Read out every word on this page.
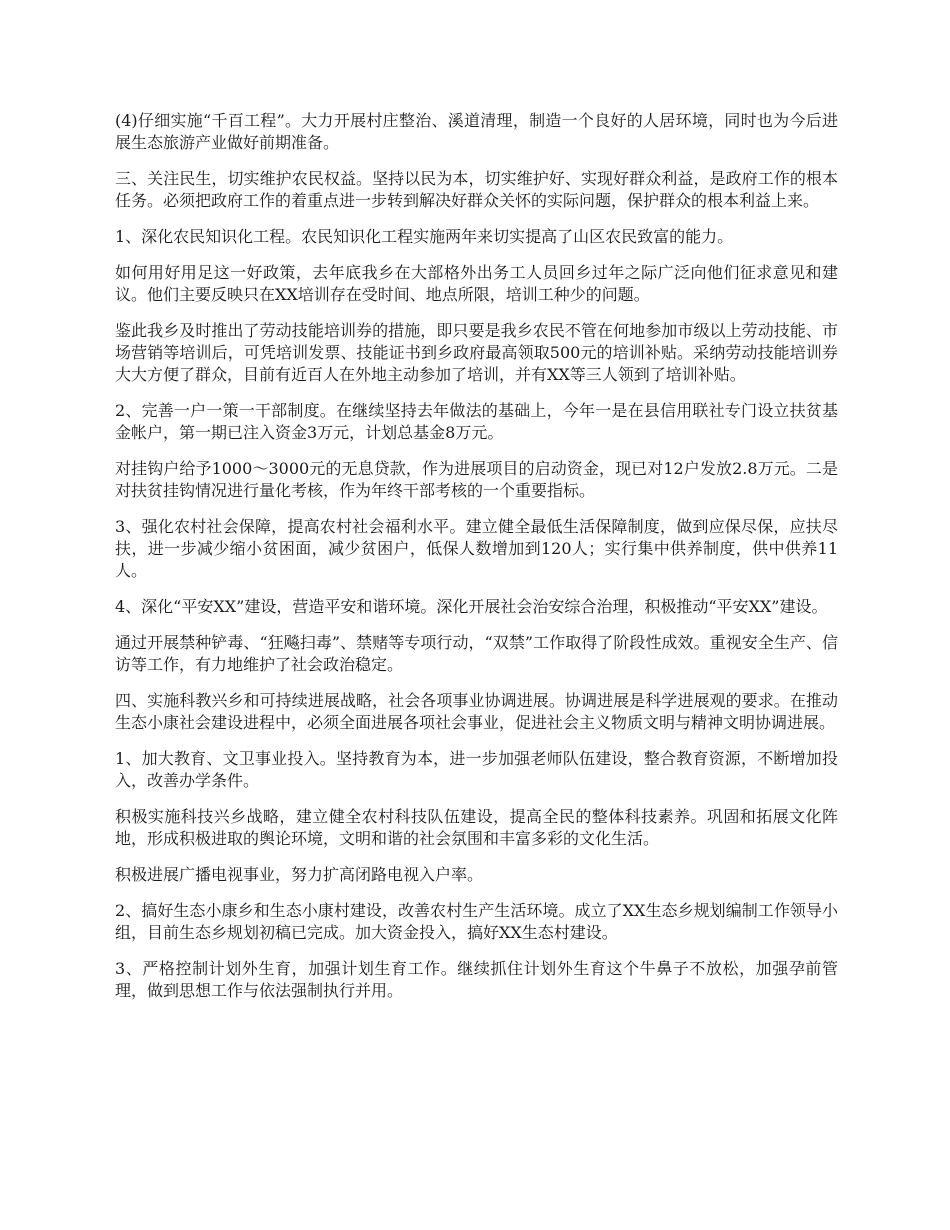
(4)仔细实施“千百工程”。大力开展村庄整治、溪道清理，制造一个良好的人居环境，同时也为今后进展生态旅游产业做好前期准备。

三、关注民生，切实维护农民权益。坚持以民为本，切实维护好、实现好群众利益，是政府工作的根本任务。必须把政府工作的着重点进一步转到解决好群众关怀的实际问题，保护群众的根本利益上来。

1、深化农民知识化工程。农民知识化工程实施两年来切实提高了山区农民致富的能力。

如何用好用足这一好政策，去年底我乡在大部格外出务工人员回乡过年之际广泛向他们征求意见和建议。他们主要反映只在XX培训存在受时间、地点所限，培训工种少的问题。

鉴此我乡及时推出了劳动技能培训券的措施，即只要是我乡农民不管在何地参加市级以上劳动技能、市场营销等培训后，可凭培训发票、技能证书到乡政府最高领取500元的培训补贴。采纳劳动技能培训券大大方便了群众，目前有近百人在外地主动参加了培训，并有XX等三人领到了培训补贴。

2、完善一户一策一干部制度。在继续坚持去年做法的基础上，今年一是在县信用联社专门设立扶贫基金帐户，第一期已注入资金3万元，计划总基金8万元。

对挂钩户给予1000～3000元的无息贷款，作为进展项目的启动资金，现已对12户发放2.8万元。二是对扶贫挂钩情况进行量化考核，作为年终干部考核的一个重要指标。

3、强化农村社会保障，提高农村社会福利水平。建立健全最低生活保障制度，做到应保尽保，应扶尽扶，进一步减少缩小贫困面，减少贫困户，低保人数增加到120人；实行集中供养制度，供中供养11人。

4、深化“平安XX”建设，营造平安和谐环境。深化开展社会治安综合治理，积极推动“平安XX”建设。

通过开展禁种铲毒、“狂飚扫毒”、禁赌等专项行动，“双禁”工作取得了阶段性成效。重视安全生产、信访等工作，有力地维护了社会政治稳定。

四、实施科教兴乡和可持续进展战略，社会各项事业协调进展。协调进展是科学进展观的要求。在推动生态小康社会建设进程中，必须全面进展各项社会事业，促进社会主义物质文明与精神文明协调进展。

1、加大教育、文卫事业投入。坚持教育为本，进一步加强老师队伍建设，整合教育资源，不断增加投入，改善办学条件。

积极实施科技兴乡战略，建立健全农村科技队伍建设，提高全民的整体科技素养。巩固和拓展文化阵地，形成积极进取的舆论环境，文明和谐的社会氛围和丰富多彩的文化生活。

积极进展广播电视事业，努力扩高闭路电视入户率。

2、搞好生态小康乡和生态小康村建设，改善农村生产生活环境。成立了XX生态乡规划编制工作领导小组，目前生态乡规划初稿已完成。加大资金投入，搞好XX生态村建设。

3、严格控制计划外生育，加强计划生育工作。继续抓住计划外生育这个牛鼻子不放松，加强孕前管理，做到思想工作与依法强制执行并用。
